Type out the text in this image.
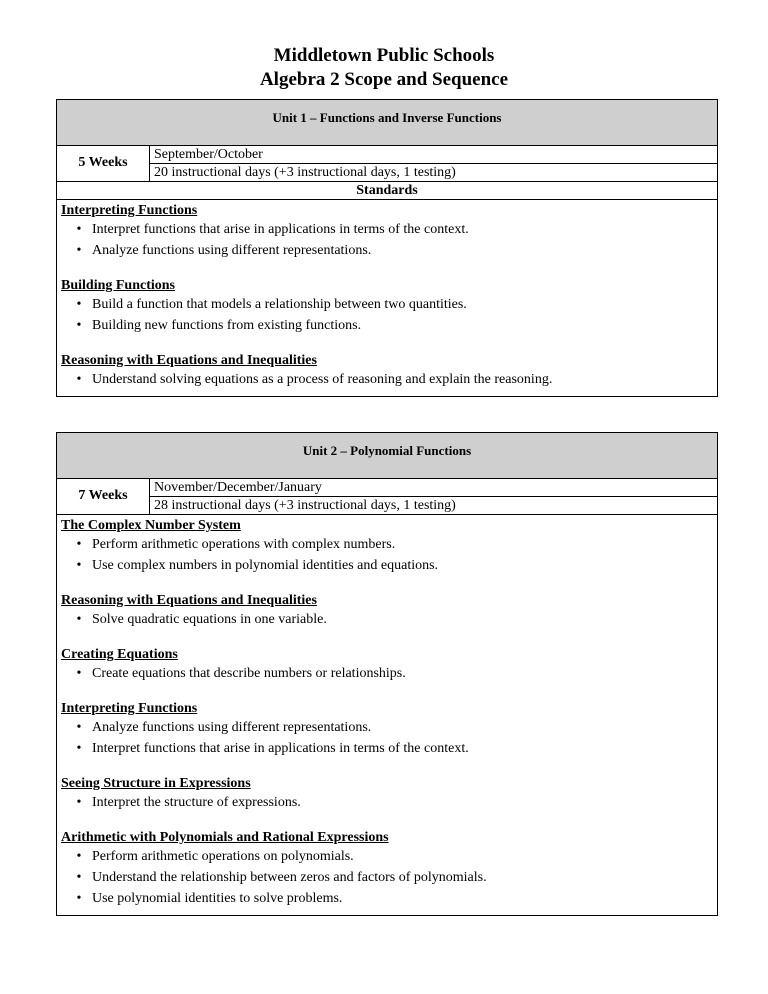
Middletown Public Schools
Algebra 2 Scope and Sequence
Unit 1 – Functions and Inverse Functions
5 Weeks
September/October
20 instructional days (+3 instructional days, 1 testing)
Standards
Interpreting Functions
• Interpret functions that arise in applications in terms of the context.
• Analyze functions using different representations.
Building Functions
• Build a function that models a relationship between two quantities.
• Building new functions from existing functions.
Reasoning with Equations and Inequalities
• Understand solving equations as a process of reasoning and explain the reasoning.
Unit 2 – Polynomial Functions
7 Weeks
November/December/January
28 instructional days (+3 instructional days, 1 testing)
The Complex Number System
• Perform arithmetic operations with complex numbers.
• Use complex numbers in polynomial identities and equations.
Reasoning with Equations and Inequalities
• Solve quadratic equations in one variable.
Creating Equations
• Create equations that describe numbers or relationships.
Interpreting Functions
• Analyze functions using different representations.
• Interpret functions that arise in applications in terms of the context.
Seeing Structure in Expressions
• Interpret the structure of expressions.
Arithmetic with Polynomials and Rational Expressions
• Perform arithmetic operations on polynomials.
• Understand the relationship between zeros and factors of polynomials.
• Use polynomial identities to solve problems.
